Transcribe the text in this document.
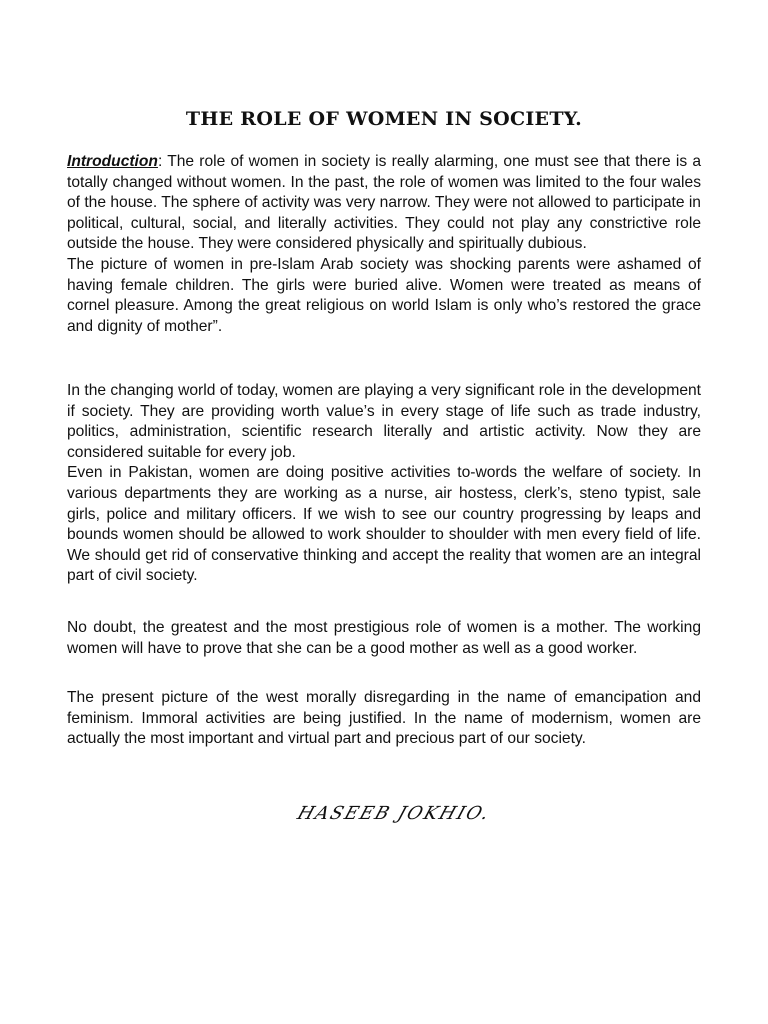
THE ROLE OF WOMEN IN SOCIETY.

Introduction: The role of women in society is really alarming, one must see that there is a totally changed without women. In the past, the role of women was limited to the four wales of the house. The sphere of activity was very narrow. They were not allowed to participate in political, cultural, social, and literally activities. They could not play any constrictive role outside the house. They were considered physically and spiritually dubious.

The picture of women in pre-Islam Arab society was shocking parents were ashamed of having female children. The girls were buried alive. Women were treated as means of cornel pleasure. Among the great religious on world Islam is only who’s restored the grace and dignity of mother”.

In the changing world of today, women are playing a very significant role in the development if society. They are providing worth value’s in every stage of life such as trade industry, politics, administration, scientific research literally and artistic activity. Now they are considered suitable for every job.

Even in Pakistan, women are doing positive activities to-words the welfare of society. In various departments they are working as a nurse, air hostess, clerk’s, steno typist, sale girls, police and military officers. If we wish to see our country progressing by leaps and bounds women should be allowed to work shoulder to shoulder with men every field of life. We should get rid of conservative thinking and accept the reality that women are an integral part of civil society.

No doubt, the greatest and the most prestigious role of women is a mother. The working women will have to prove that she can be a good mother as well as a good worker.

The present picture of the west morally disregarding in the name of emancipation and feminism. Immoral activities are being justified. In the name of modernism, women are actually the most important and virtual part and precious part of our society.

HASEEB JOKHIO.
